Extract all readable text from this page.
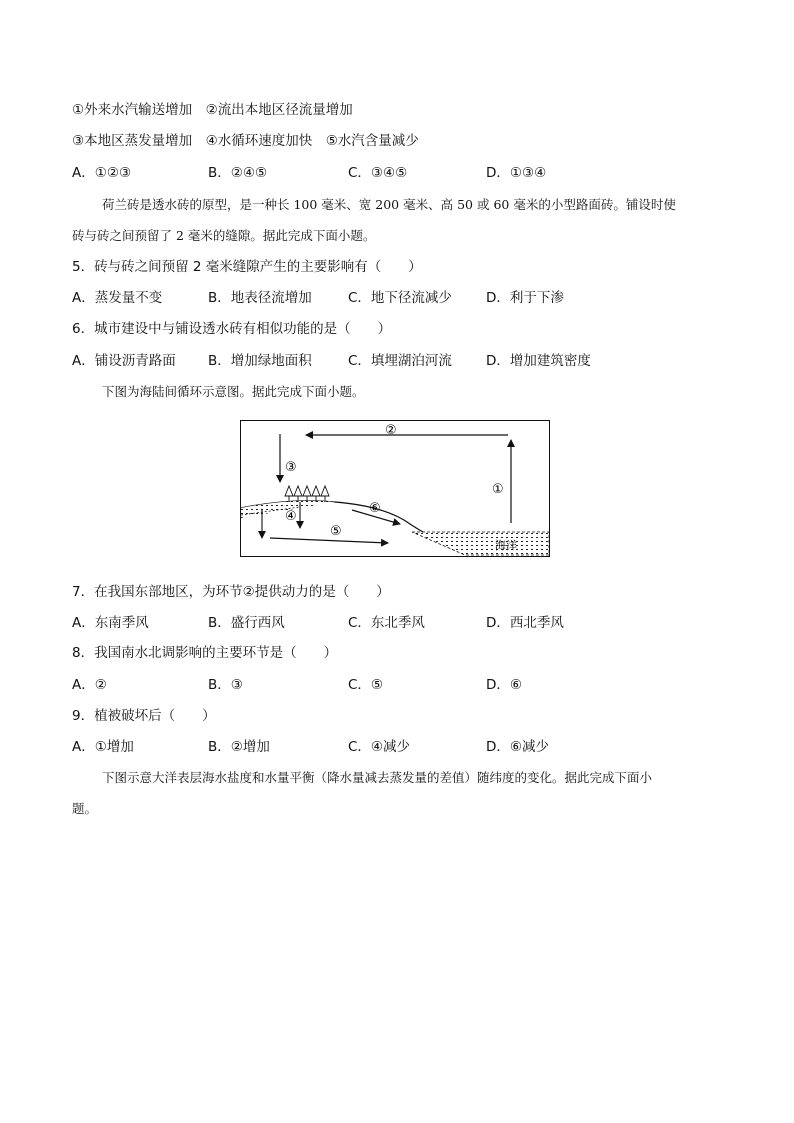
①外来水汽输送增加　②流出本地区径流量增加
③本地区蒸发量增加　④水循环速度加快　⑤水汽含量减少
A．①②③	B．②④⑤	C．③④⑤	D．①③④
荷兰砖是透水砖的原型，是一种长 100 毫米、宽 200 毫米、高 50 或 60 毫米的小型路面砖。铺设时使
砖与砖之间预留了 2 毫米的缝隙。据此完成下面小题。
5．砖与砖之间预留 2 毫米缝隙产生的主要影响有（　　）
A．蒸发量不变	B．地表径流增加	C．地下径流减少	D．利于下渗
6．城市建设中与铺设透水砖有相似功能的是（　　）
A．铺设沥青路面 B．增加绿地面积	C．填埋湖泊河流	D．增加建筑密度
下图为海陆间循环示意图。据此完成下面小题。
海洋
②
①
③
④
⑥
⑤
7．在我国东部地区，为环节②提供动力的是（　　）
A．东南季风	B．盛行西风	C．东北季风	D．西北季风
8．我国南水北调影响的主要环节是（　　）
A．②	B．③	C．⑤	D．⑥
9．植被破坏后（　　）
A．①增加	B．②增加	C．④减少	D．⑥减少
下图示意大洋表层海水盐度和水量平衡（降水量减去蒸发量的差值）随纬度的变化。据此完成下面小
题。
